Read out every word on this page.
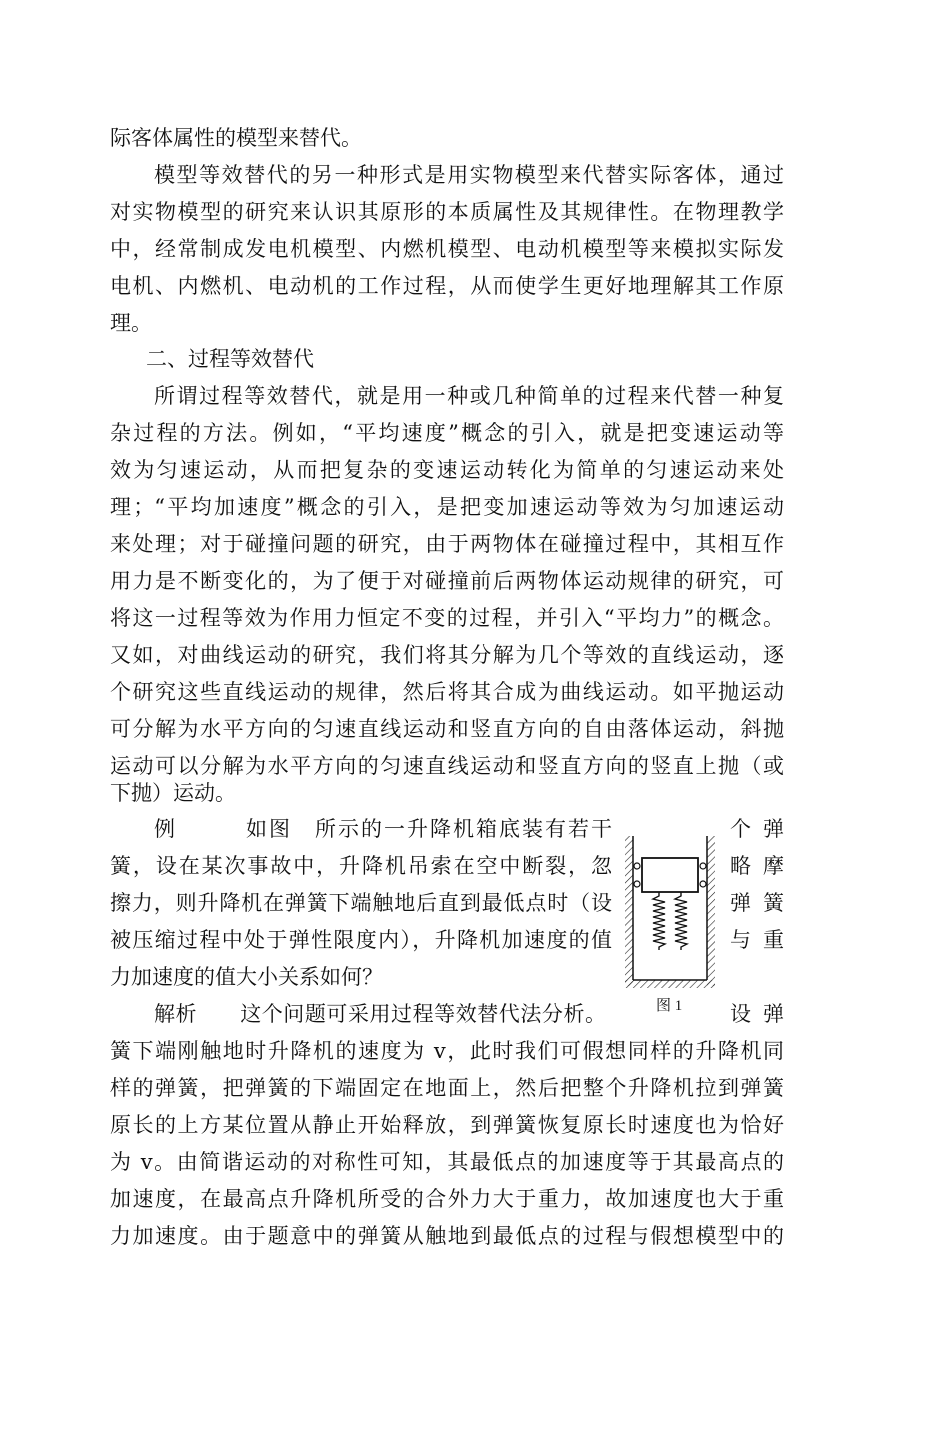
际客体属性的模型来替代。
模型等效替代的另一种形式是用实物模型来代替实际客体，通过
对实物模型的研究来认识其原形的本质属性及其规律性。在物理教学
中，经常制成发电机模型、内燃机模型、电动机模型等来模拟实际发
电机、内燃机、电动机的工作过程，从而使学生更好地理解其工作原
理。
二、过程等效替代
所谓过程等效替代，就是用一种或几种简单的过程来代替一种复
杂过程的方法。例如，“平均速度”概念的引入，就是把变速运动等
效为匀速运动，从而把复杂的变速运动转化为简单的匀速运动来处
理；“平均加速度”概念的引入，是把变加速运动等效为匀加速运动
来处理；对于碰撞问题的研究，由于两物体在碰撞过程中，其相互作
用力是不断变化的，为了便于对碰撞前后两物体运动规律的研究，可
将这一过程等效为作用力恒定不变的过程，并引入“平均力”的概念。
又如，对曲线运动的研究，我们将其分解为几个等效的直线运动，逐
个研究这些直线运动的规律，然后将其合成为曲线运动。如平抛运动
可分解为水平方向的匀速直线运动和竖直方向的自由落体运动，斜抛
运动可以分解为水平方向的匀速直线运动和竖直方向的竖直上抛（或
下抛）运动。
例　　　如图　所示的一升降机箱底装有若干
簧，设在某次事故中，升降机吊索在空中断裂，忽
擦力，则升降机在弹簧下端触地后直到最低点时（设
被压缩过程中处于弹性限度内），升降机加速度的值
力加速度的值大小关系如何？
个 弹
略 摩
弹 簧
与 重
图 1
解析　　这个问题可采用过程等效替代法分析。	设 弹
簧下端刚触地时升降机的速度为 v，此时我们可假想同样的升降机同
样的弹簧，把弹簧的下端固定在地面上，然后把整个升降机拉到弹簧
原长的上方某位置从静止开始释放，到弹簧恢复原长时速度也为恰好
为 v。由简谐运动的对称性可知，其最低点的加速度等于其最高点的
加速度，在最高点升降机所受的合外力大于重力，故加速度也大于重
力加速度。由于题意中的弹簧从触地到最低点的过程与假想模型中的
